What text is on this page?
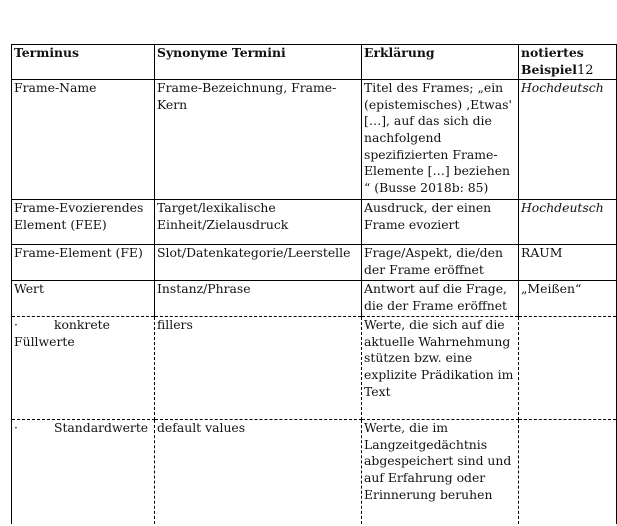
Terminus	Synonyme Termini	Erklärung	notiertes Beispiel12
Frame-Name	Frame-Bezeichnung, Frame-Kern	Titel des Frames; „ein (epistemisches) ‚Etwas' […], auf das sich die nachfolgend spezifizierten Frame-Elemente […] beziehen “ (Busse 2018b: 85)	Hochdeutsch
Frame-Evozierendes Element (FEE)	Target/lexikalische Einheit/Zielausdruck	Ausdruck, der einen Frame evoziert	Hochdeutsch
Frame-Element (FE)	Slot/Datenkategorie/Leerstelle	Frage/Aspekt, die/den der Frame eröffnet	RAUM
Wert	Instanz/Phrase	Antwort auf die Frage, die der Frame eröffnet	„Meißen“
· konkrete Füllwerte	fillers	Werte, die sich auf die aktuelle Wahrnehmung stützen bzw. eine explizite Prädikation im Text	
· Standardwerte	default values	Werte, die im Langzeitgedächtnis abgespeichert sind und auf Erfahrung oder Erinnerung beruhen	
